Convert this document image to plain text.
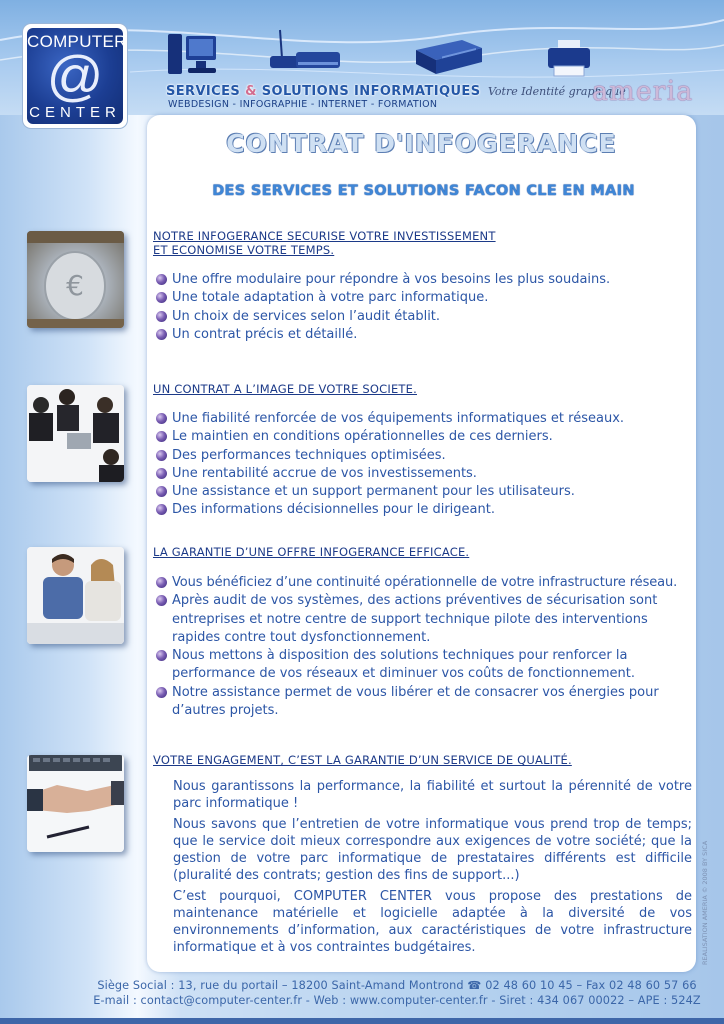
COMPUTER
@
CENTER
SERVICES & SOLUTIONS INFORMATIQUES
WEBDESIGN - INFOGRAPHIE - INTERNET - FORMATION
Votre Identité graphique
ameria
CONTRAT D'INFOGERANCE
DES SERVICES ET SOLUTIONS FACON CLE EN MAIN
NOTRE INFOGERANCE SECURISE VOTRE INVESTISSEMENT
ET ECONOMISE VOTRE TEMPS.
Une offre modulaire pour répondre à vos besoins les plus soudains.
Une totale adaptation à votre parc informatique.
Un choix de services selon l’audit établit.
Un contrat précis et détaillé.
UN CONTRAT A L’IMAGE DE VOTRE SOCIETE.
Une fiabilité renforcée de vos équipements informatiques et réseaux.
Le maintien en conditions opérationnelles de ces derniers.
Des performances techniques optimisées.
Une rentabilité accrue de vos investissements.
Une assistance et un support permanent pour les utilisateurs.
Des informations décisionnelles pour le dirigeant.
LA GARANTIE D’UNE OFFRE INFOGERANCE EFFICACE.
Vous bénéficiez d’une continuité opérationnelle de votre infrastructure réseau.
Après audit de vos systèmes, des actions préventives de sécurisation sont entreprises et notre centre de support technique pilote des interventions rapides contre tout dysfonctionnement.
Nous mettons à disposition des solutions techniques pour renforcer la performance de vos réseaux et diminuer vos coûts de fonctionnement.
Notre assistance permet de vous libérer et de consacrer vos énergies pour d’autres projets.
VOTRE ENGAGEMENT, C’EST LA GARANTIE D’UN SERVICE DE QUALITÉ.

Nous garantissons la performance, la fiabilité et surtout la pérennité de votre parc informatique !

Nous savons que l’entretien de votre informatique vous prend trop de temps; que le service doit mieux correspondre aux exigences de votre société; que la gestion de votre parc informatique de prestataires différents est difficile (pluralité des contrats; gestion des fins de support...)

C’est pourquoi, COMPUTER CENTER vous propose des prestations de maintenance matérielle et logicielle adaptée à la diversité de vos environnements d’information, aux caractéristiques de votre infrastructure informatique et à vos contraintes budgétaires.

€
REALISATION AMERIA © 2008 BY SICA
Siège Social : 13, rue du portail – 18200 Saint-Amand Montrond ☎ 02 48 60 10 45 – Fax 02 48 60 57 66
E-mail : contact@computer-center.fr - Web : www.computer-center.fr - Siret : 434 067 00022 – APE : 524Z
